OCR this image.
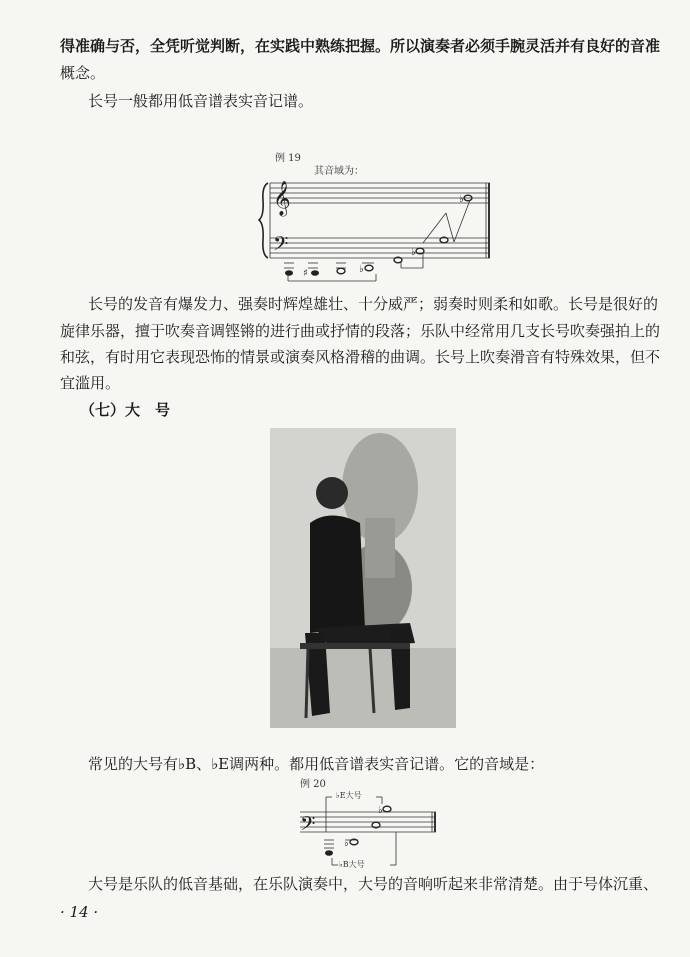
得准确与否，全凭听觉判断，在实践中熟练把握。所以演奏者必须手腕灵活并有良好的音准
概念。
长号一般都用低音谱表实音记谱。
例 19
其音域为：
𝄞
𝄢
♭
♭
♭
♯
长号的发音有爆发力、强奏时辉煌雄壮、十分威严；弱奏时则柔和如歌。长号是很好的
旋律乐器，擅于吹奏音调铿锵的进行曲或抒情的段落；乐队中经常用几支长号吹奏强拍上的
和弦，有时用它表现恐怖的情景或演奏风格滑稽的曲调。长号上吹奏滑音有特殊效果，但不
宜滥用。
（七）大　号
常见的大号有♭B、♭E调两种。都用低音谱表实音记谱。它的音域是：
例 20
𝄢
♭
♭
♭E大号
♭B大号
大号是乐队的低音基础，在乐队演奏中，大号的音响听起来非常清楚。由于号体沉重、
· 14 ·
